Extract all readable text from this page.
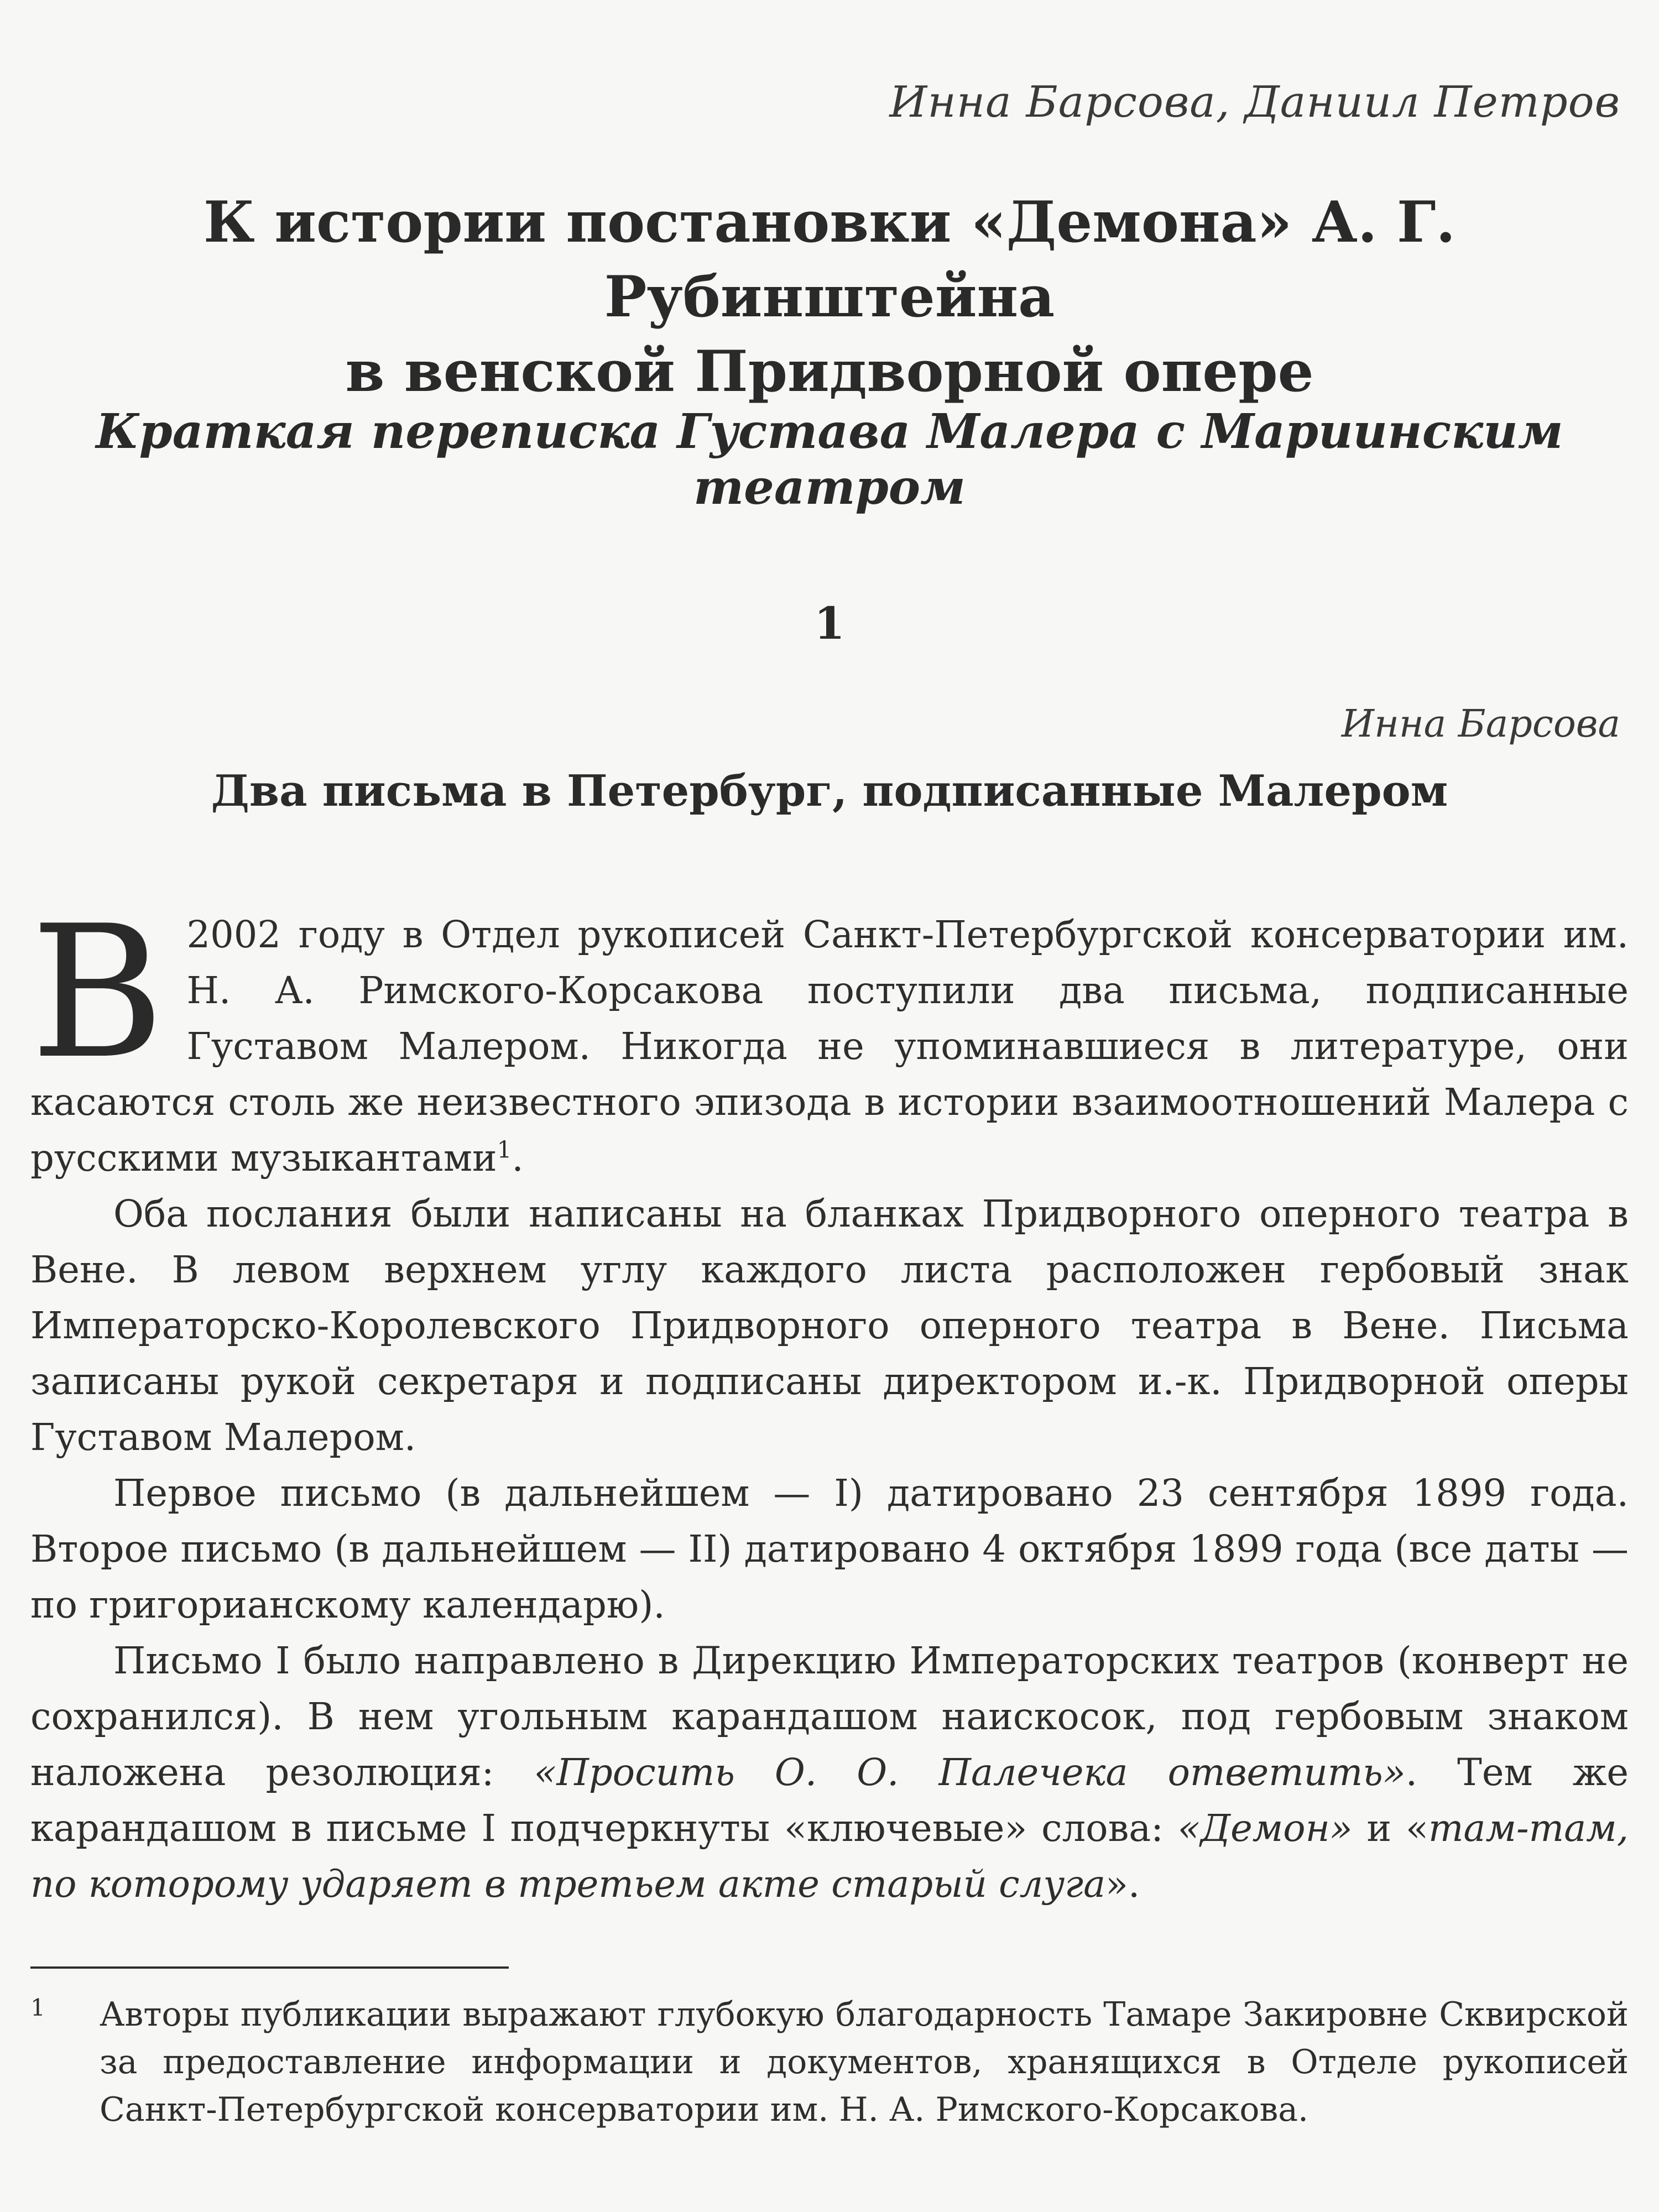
Инна Барсова, Даниил Петров
К истории постановки «Демона» А. Г. Рубинштейна
в венской Придворной опере
Краткая переписка Густава Малера с Мариинским театром
1
Инна Барсова
Два письма в Петербург, подписанные Малером

В 2002 году в Отдел рукописей Санкт-Петербургской консерватории им. Н. А. Римского-Корсакова поступили два письма, подписанные Густавом Малером. Никогда не упоминавшиеся в литературе, они касаются столь же неизвестного эпизода в истории взаимоотношений Малера с русскими музыкантами$^1$.

Оба послания были написаны на бланках Придворного оперного театра в Вене. В левом верхнем углу каждого листа расположен гербовый знак Императорско-Королевского Придворного оперного театра в Вене. Письма записаны рукой секретаря и подписаны директором и.-к. Придворной оперы Густавом Малером.

Первое письмо (в дальнейшем — I) датировано 23 сентября 1899 года. Второе письмо (в дальнейшем — II) датировано 4 октября 1899 года (все даты — по григорианскому календарю).

Письмо I было направлено в Дирекцию Императорских театров (конверт не сохранился). В нем угольным карандашом наискосок, под гербовым знаком наложена резолюция: «Просить О. О. Палечека ответить». Тем же карандашом в письме I подчеркнуты «ключевые» слова: «Демон» и «там-там, по которому ударяет в третьем акте старый слуга».

1 Авторы публикации выражают глубокую благодарность Тамаре Закировне Сквирской за предоставление информации и документов, хранящихся в Отделе рукописей Санкт-Петербургской консерватории им. Н. А. Римского-Корсакова.
